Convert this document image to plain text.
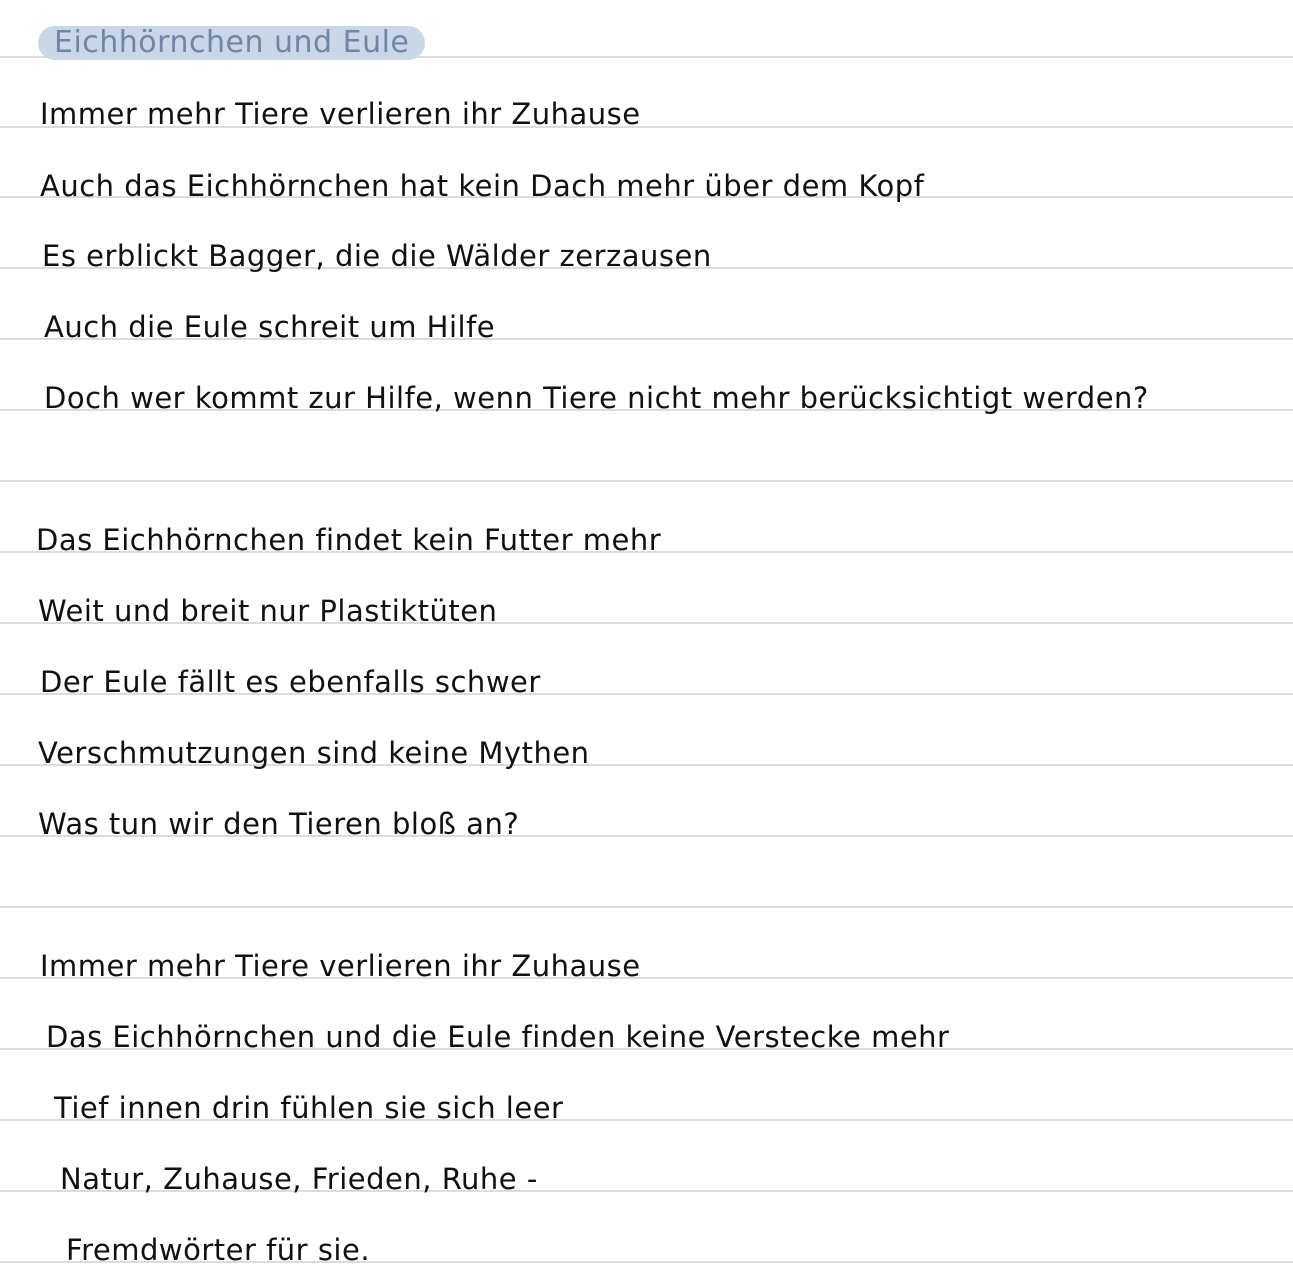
Eichhörnchen und Eule

Immer mehr Tiere verlieren ihr Zuhause

Auch das Eichhörnchen hat kein Dach mehr über dem Kopf

Es erblickt Bagger, die die Wälder zerzausen

Auch die Eule schreit um Hilfe

Doch wer kommt zur Hilfe, wenn Tiere nicht mehr berücksichtigt werden?

Das Eichhörnchen findet kein Futter mehr

Weit und breit nur Plastiktüten

Der Eule fällt es ebenfalls schwer

Verschmutzungen sind keine Mythen

Was tun wir den Tieren bloß an?

Immer mehr Tiere verlieren ihr Zuhause

Das Eichhörnchen und die Eule finden keine Verstecke mehr

Tief innen drin fühlen sie sich leer

Natur, Zuhause, Frieden, Ruhe -

Fremdwörter für sie.
